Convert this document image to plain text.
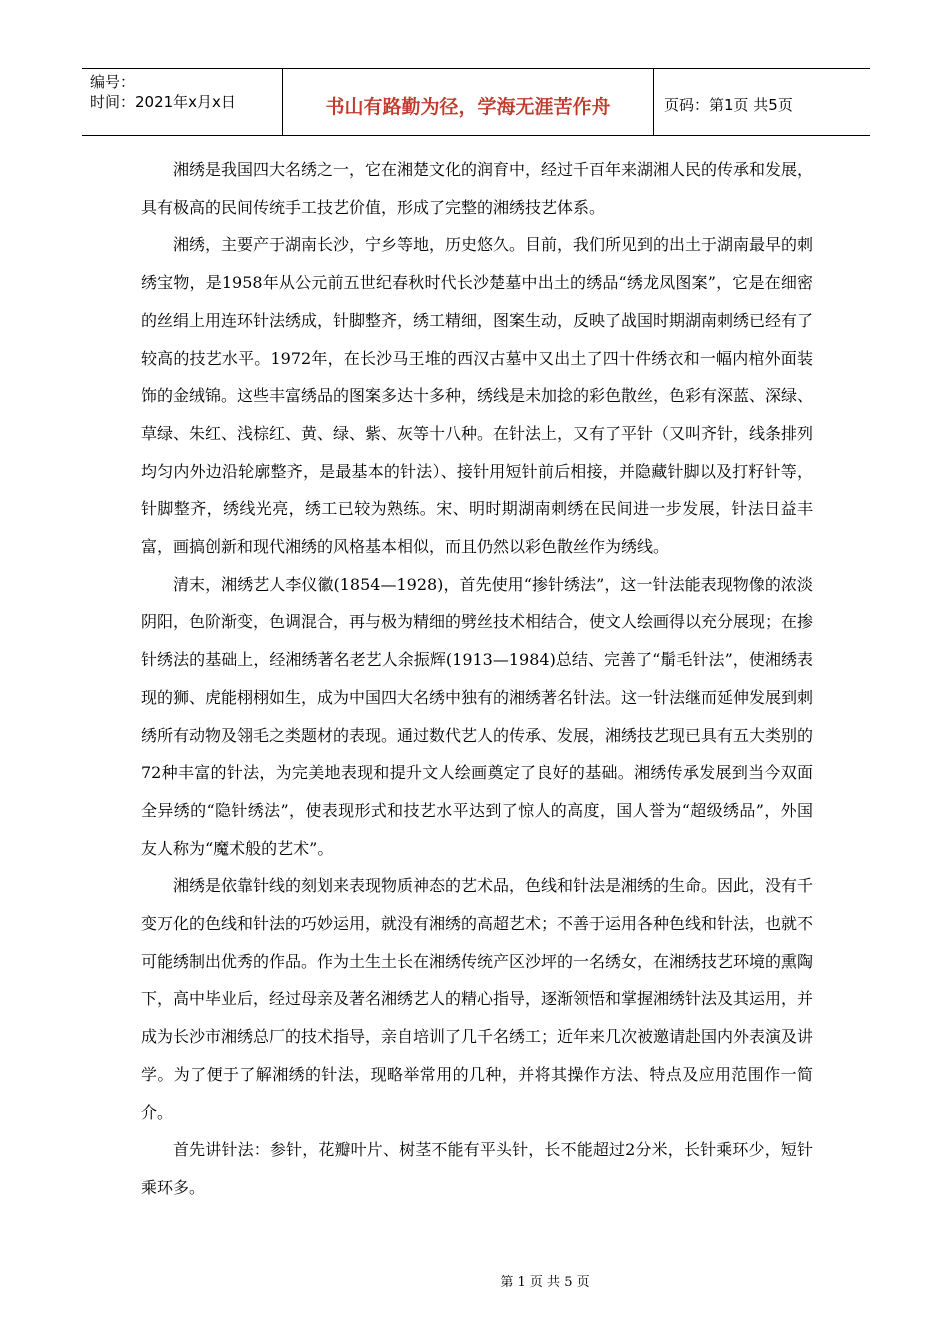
编号：
时间：2021年x月x日	书山有路勤为径，学海无涯苦作舟	页码：第1页 共5页

湘绣是我国四大名绣之一，它在湘楚文化的润育中，经过千百年来湖湘人民的传承和发展，具有极高的民间传统手工技艺价值，形成了完整的湘绣技艺体系。

湘绣，主要产于湖南长沙，宁乡等地，历史悠久。目前，我们所见到的出土于湖南最早的刺绣宝物，是1958年从公元前五世纪春秋时代长沙楚墓中出土的绣品“绣龙凤图案”，它是在细密的丝绢上用连环针法绣成，针脚整齐，绣工精细，图案生动，反映了战国时期湖南刺绣已经有了较高的技艺水平。1972年，在长沙马王堆的西汉古墓中又出土了四十件绣衣和一幅内棺外面装饰的金绒锦。这些丰富绣品的图案多达十多种，绣线是未加捻的彩色散丝，色彩有深蓝、深绿、草绿、朱红、浅棕红、黄、绿、紫、灰等十八种。在针法上，又有了平针（又叫齐针，线条排列均匀内外边沿轮廓整齐，是最基本的针法）、接针用短针前后相接，并隐藏针脚以及打籽针等，针脚整齐，绣线光亮，绣工已较为熟练。宋、明时期湖南刺绣在民间进一步发展，针法日益丰富，画搞创新和现代湘绣的风格基本相似，而且仍然以彩色散丝作为绣线。

清末，湘绣艺人李仪徽(1854—1928)，首先使用“掺针绣法”，这一针法能表现物像的浓淡阴阳，色阶渐变，色调混合，再与极为精细的劈丝技术相结合，使文人绘画得以充分展现；在掺针绣法的基础上，经湘绣著名老艺人余振辉(1913—1984)总结、完善了“鬅毛针法”，使湘绣表现的狮、虎能栩栩如生，成为中国四大名绣中独有的湘绣著名针法。这一针法继而延伸发展到刺绣所有动物及翎毛之类题材的表现。通过数代艺人的传承、发展，湘绣技艺现已具有五大类别的72种丰富的针法，为完美地表现和提升文人绘画奠定了良好的基础。湘绣传承发展到当今双面全异绣的“隐针绣法”，使表现形式和技艺水平达到了惊人的高度，国人誉为“超级绣品”，外国友人称为“魔术般的艺术”。

湘绣是依靠针线的刻划来表现物质神态的艺术品，色线和针法是湘绣的生命。因此，没有千变万化的色线和针法的巧妙运用，就没有湘绣的高超艺术；不善于运用各种色线和针法，也就不可能绣制出优秀的作品。作为土生土长在湘绣传统产区沙坪的一名绣女，在湘绣技艺环境的熏陶下，高中毕业后，经过母亲及著名湘绣艺人的精心指导，逐渐领悟和掌握湘绣针法及其运用，并成为长沙市湘绣总厂的技术指导，亲自培训了几千名绣工；近年来几次被邀请赴国内外表演及讲学。为了便于了解湘绣的针法，现略举常用的几种，并将其操作方法、特点及应用范围作一简介。

首先讲针法：参针，花瓣叶片、树茎不能有平头针，长不能超过2分米，长针乘环少，短针乘环多。

第 1 页 共 5 页
